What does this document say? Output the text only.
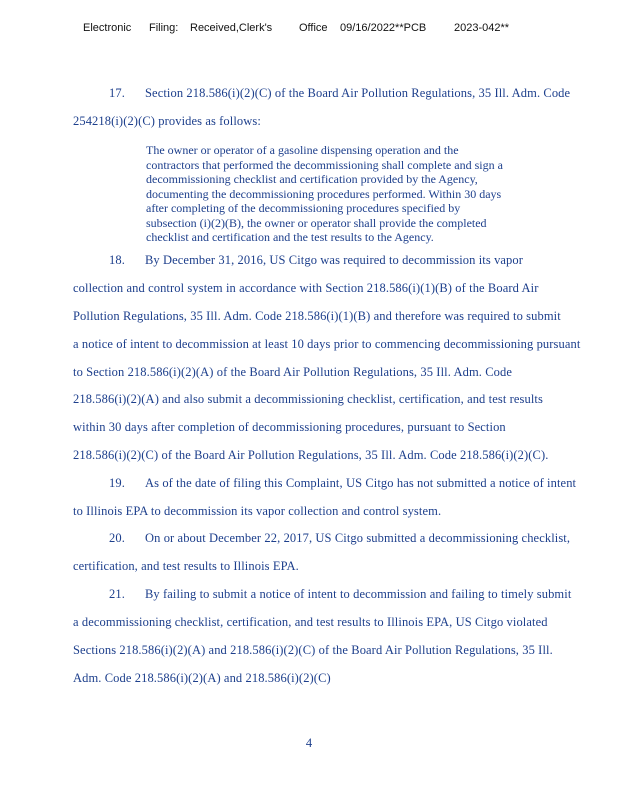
Electronic Filing: Received,Clerk's Office 09/16/2022**PCB	2023-042**
17. Section 218.586(i)(2)(C) of the Board Air Pollution Regulations, 35 Ill. Adm. Code
254218(i)(2)(C) provides as follows:
The owner or operator of a gasoline dispensing operation and the
contractors that performed the decommissioning shall complete and sign a
decommissioning checklist and certification provided by the Agency,
documenting the decommissioning procedures performed. Within 30 days
after completing of the decommissioning procedures specified by
subsection (i)(2)(B), the owner or operator shall provide the completed
checklist and certification and the test results to the Agency.
18. By December 31, 2016, US Citgo was required to decommission its vapor
collection and control system in accordance with Section 218.586(i)(1)(B) of the Board Air
Pollution Regulations, 35 Ill. Adm. Code 218.586(i)(1)(B) and therefore was required to submit
a notice of intent to decommission at least 10 days prior to commencing decommissioning pursuant
to Section 218.586(i)(2)(A) of the Board Air Pollution Regulations, 35 Ill. Adm. Code
218.586(i)(2)(A) and also submit a decommissioning checklist, certification, and test results
within 30 days after completion of decommissioning procedures, pursuant to Section
218.586(i)(2)(C) of the Board Air Pollution Regulations, 35 Ill. Adm. Code 218.586(i)(2)(C).
19. As of the date of filing this Complaint, US Citgo has not submitted a notice of intent
to Illinois EPA to decommission its vapor collection and control system.
20. On or about December 22, 2017, US Citgo submitted a decommissioning checklist,
certification, and test results to Illinois EPA.
21. By failing to submit a notice of intent to decommission and failing to timely submit
a decommissioning checklist, certification, and test results to Illinois EPA, US Citgo violated
Sections 218.586(i)(2)(A) and 218.586(i)(2)(C) of the Board Air Pollution Regulations, 35 Ill.
Adm. Code 218.586(i)(2)(A) and 218.586(i)(2)(C)
4
